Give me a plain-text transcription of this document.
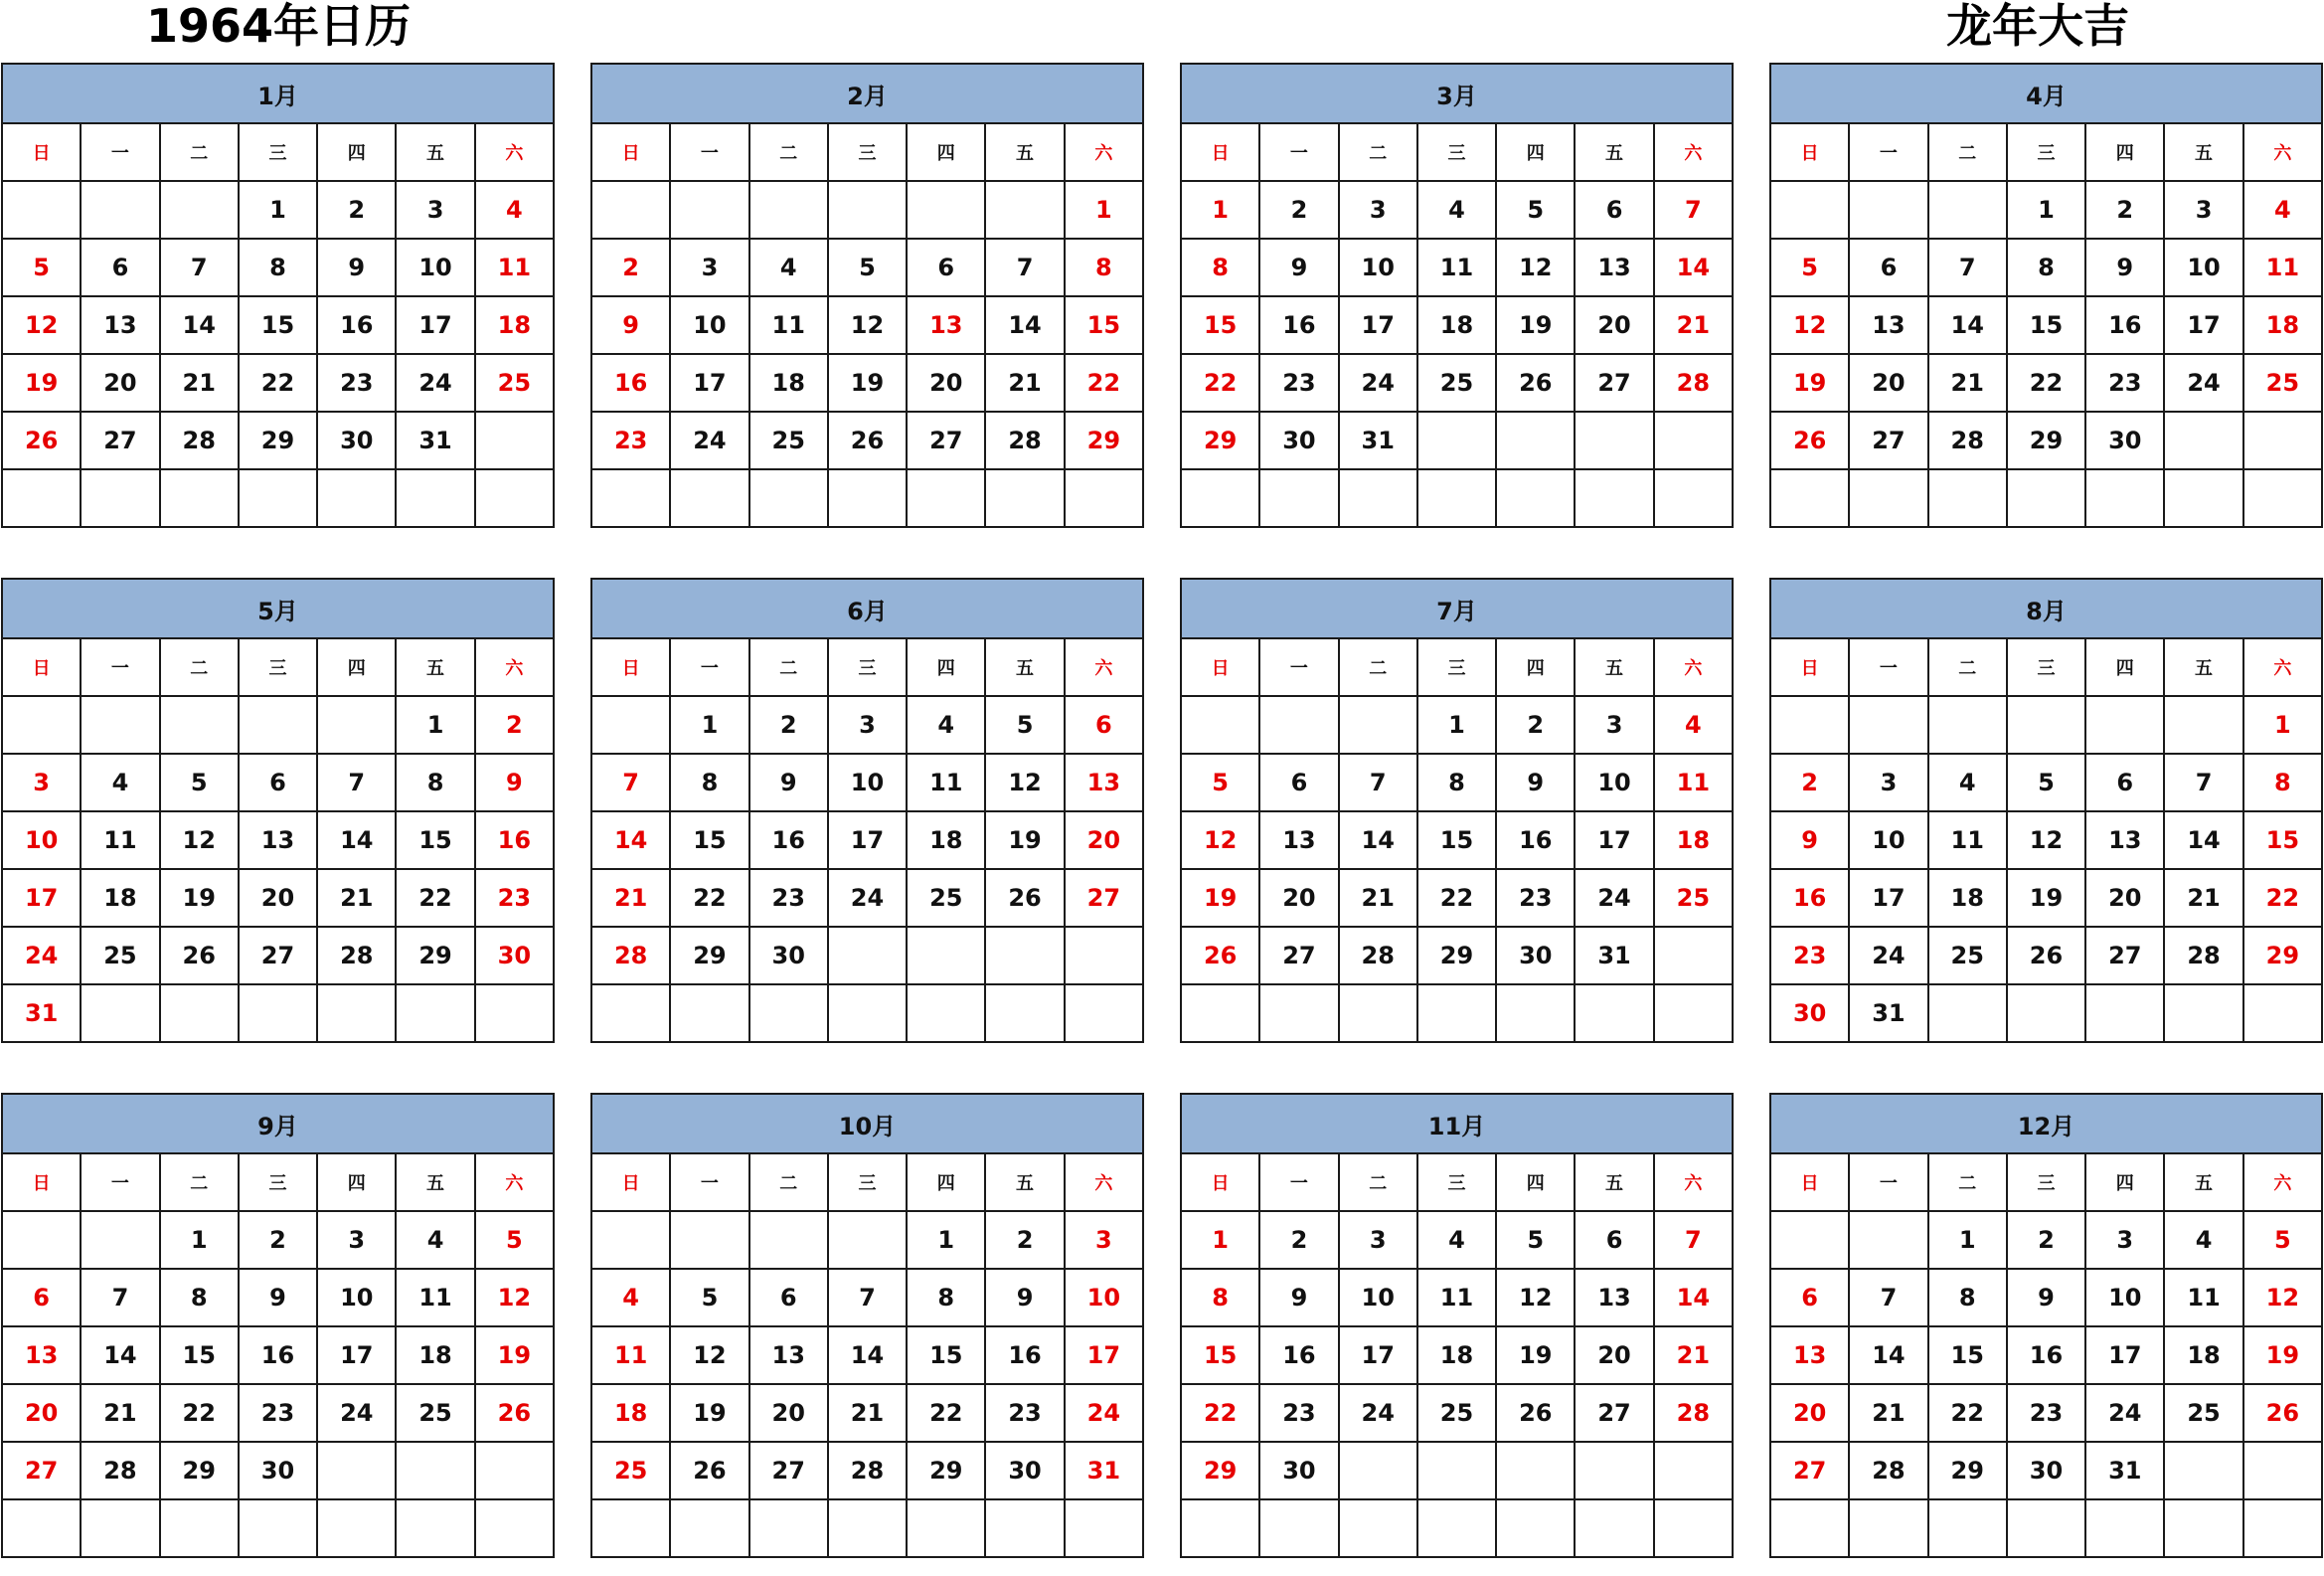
1964年日历	龙年大吉
1月						
日	一	二	三	四	五	六
			1	2	3	4
5	6	7	8	9	10	11
12	13	14	15	16	17	18
19	20	21	22	23	24	25
26	27	28	29	30	31	

2月						
日	一	二	三	四	五	六
						1
2	3	4	5	6	7	8
9	10	11	12	13	14	15
16	17	18	19	20	21	22
23	24	25	26	27	28	29

3月						
日	一	二	三	四	五	六
1	2	3	4	5	6	7
8	9	10	11	12	13	14
15	16	17	18	19	20	21
22	23	24	25	26	27	28
29	30	31				

4月						
日	一	二	三	四	五	六
			1	2	3	4
5	6	7	8	9	10	11
12	13	14	15	16	17	18
19	20	21	22	23	24	25
26	27	28	29	30		

5月						
日	一	二	三	四	五	六
					1	2
3	4	5	6	7	8	9
10	11	12	13	14	15	16
17	18	19	20	21	22	23
24	25	26	27	28	29	30
31						
6月						
日	一	二	三	四	五	六
	1	2	3	4	5	6
7	8	9	10	11	12	13
14	15	16	17	18	19	20
21	22	23	24	25	26	27
28	29	30				

7月						
日	一	二	三	四	五	六
			1	2	3	4
5	6	7	8	9	10	11
12	13	14	15	16	17	18
19	20	21	22	23	24	25
26	27	28	29	30	31	

8月						
日	一	二	三	四	五	六
						1
2	3	4	5	6	7	8
9	10	11	12	13	14	15
16	17	18	19	20	21	22
23	24	25	26	27	28	29
30	31					
9月						
日	一	二	三	四	五	六
		1	2	3	4	5
6	7	8	9	10	11	12
13	14	15	16	17	18	19
20	21	22	23	24	25	26
27	28	29	30			

10月						
日	一	二	三	四	五	六
				1	2	3
4	5	6	7	8	9	10
11	12	13	14	15	16	17
18	19	20	21	22	23	24
25	26	27	28	29	30	31

11月						
日	一	二	三	四	五	六
1	2	3	4	5	6	7
8	9	10	11	12	13	14
15	16	17	18	19	20	21
22	23	24	25	26	27	28
29	30					

12月						
日	一	二	三	四	五	六
		1	2	3	4	5
6	7	8	9	10	11	12
13	14	15	16	17	18	19
20	21	22	23	24	25	26
27	28	29	30	31		
